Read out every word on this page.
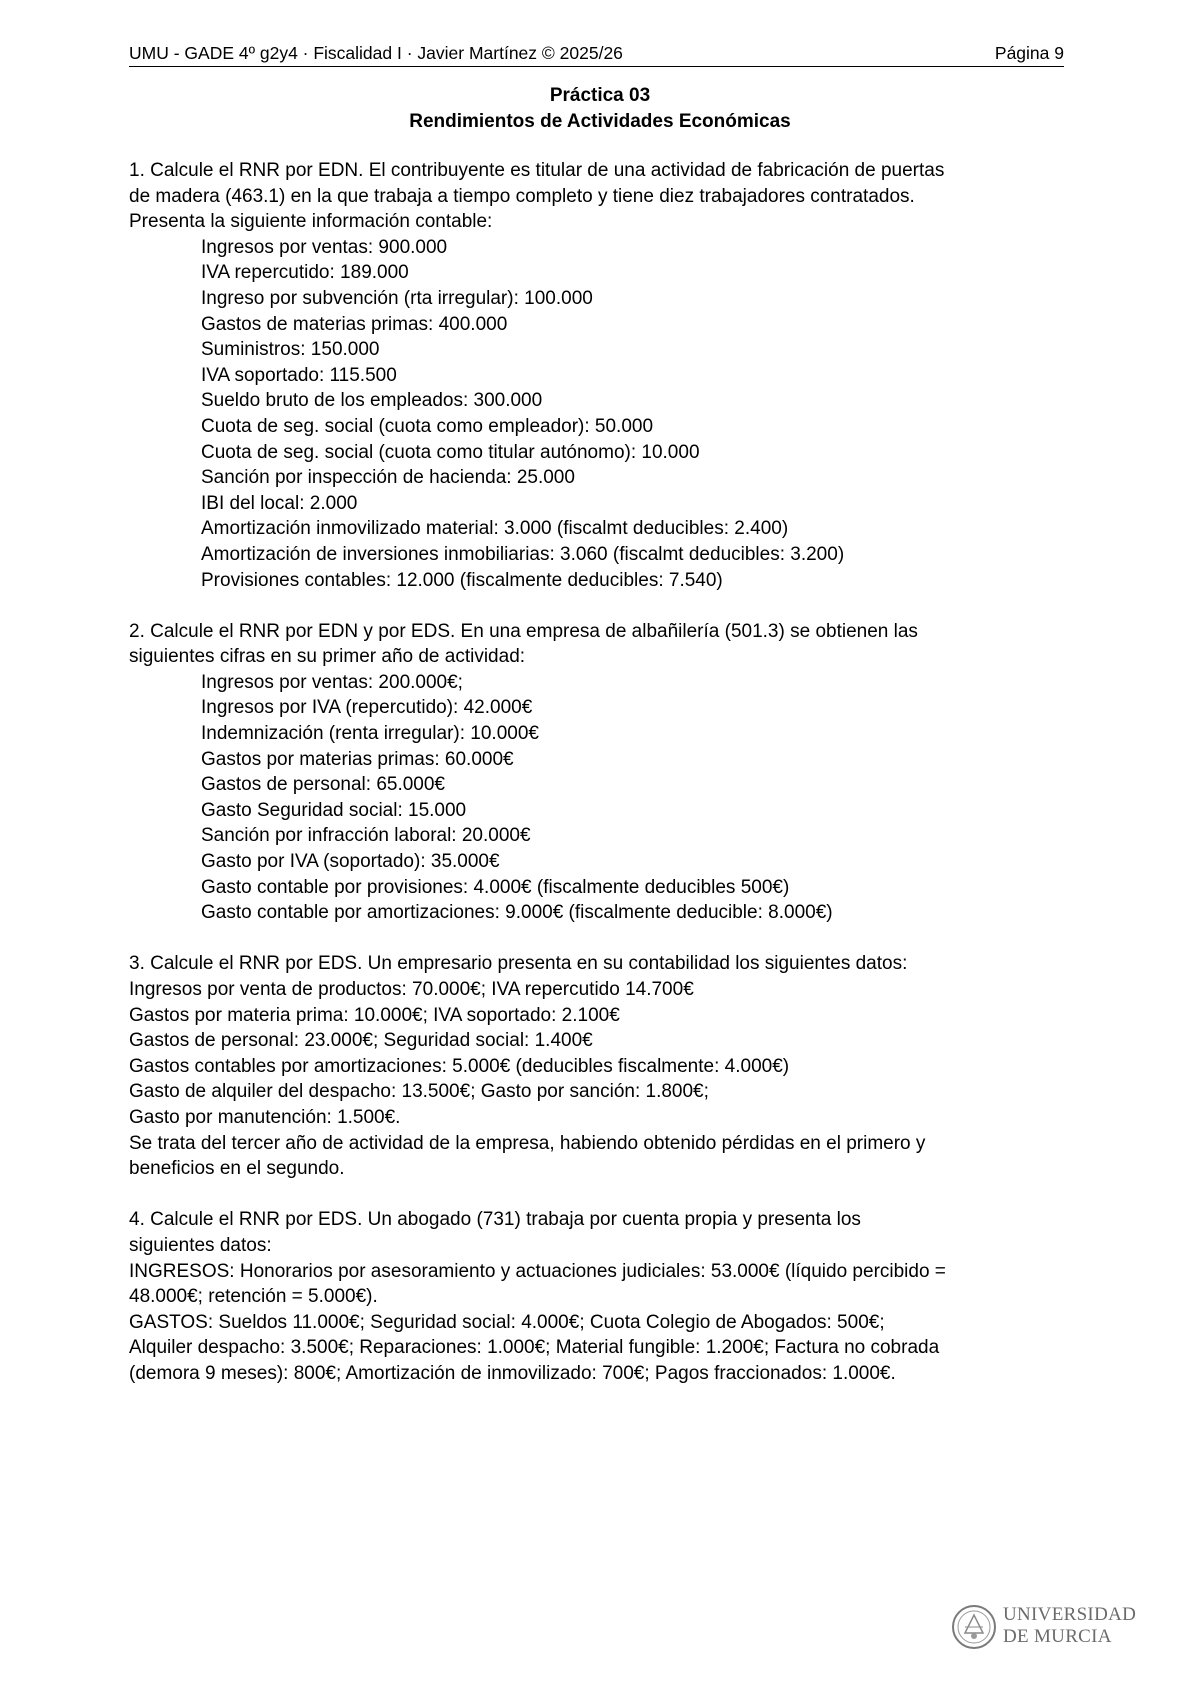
UMU - GADE 4º g2y4 · Fiscalidad I · Javier Martínez © 2025/26	Página 9
Práctica 03
Rendimientos de Actividades Económicas

1. Calcule el RNR por EDN. El contribuyente es titular de una actividad de fabricación de puertas

de madera (463.1) en la que trabaja a tiempo completo y tiene diez trabajadores contratados.

Presenta la siguiente información contable:

Ingresos por ventas: 900.000
IVA repercutido: 189.000
Ingreso por subvención (rta irregular): 100.000
Gastos de materias primas: 400.000
Suministros: 150.000
IVA soportado: 115.500
Sueldo bruto de los empleados: 300.000
Cuota de seg. social (cuota como empleador): 50.000
Cuota de seg. social (cuota como titular autónomo): 10.000
Sanción por inspección de hacienda: 25.000
IBI del local: 2.000
Amortización inmovilizado material: 3.000 (fiscalmt deducibles: 2.400)
Amortización de inversiones inmobiliarias: 3.060 (fiscalmt deducibles: 3.200)
Provisiones contables: 12.000 (fiscalmente deducibles: 7.540)

2. Calcule el RNR por EDN y por EDS. En una empresa de albañilería (501.3) se obtienen las

siguientes cifras en su primer año de actividad:

Ingresos por ventas: 200.000€;
Ingresos por IVA (repercutido): 42.000€
Indemnización (renta irregular): 10.000€
Gastos por materias primas: 60.000€
Gastos de personal: 65.000€
Gasto Seguridad social: 15.000
Sanción por infracción laboral: 20.000€
Gasto por IVA (soportado): 35.000€
Gasto contable por provisiones: 4.000€ (fiscalmente deducibles 500€)
Gasto contable por amortizaciones: 9.000€ (fiscalmente deducible: 8.000€)

3. Calcule el RNR por EDS. Un empresario presenta en su contabilidad los siguientes datos:

Ingresos por venta de productos: 70.000€; IVA repercutido 14.700€

Gastos por materia prima: 10.000€; IVA soportado: 2.100€

Gastos de personal: 23.000€; Seguridad social: 1.400€

Gastos contables por amortizaciones: 5.000€ (deducibles fiscalmente: 4.000€)

Gasto de alquiler del despacho: 13.500€; Gasto por sanción: 1.800€;

Gasto por manutención: 1.500€.

Se trata del tercer año de actividad de la empresa, habiendo obtenido pérdidas en el primero y

beneficios en el segundo.

4. Calcule el RNR por EDS. Un abogado (731) trabaja por cuenta propia y presenta los

siguientes datos:

INGRESOS: Honorarios por asesoramiento y actuaciones judiciales: 53.000€ (líquido percibido =

48.000€; retención = 5.000€).

GASTOS: Sueldos 11.000€; Seguridad social: 4.000€; Cuota Colegio de Abogados: 500€;

Alquiler despacho: 3.500€; Reparaciones: 1.000€; Material fungible: 1.200€; Factura no cobrada

(demora 9 meses): 800€; Amortización de inmovilizado: 700€; Pagos fraccionados: 1.000€.

UNIVERSIDAD
DE MURCIA
